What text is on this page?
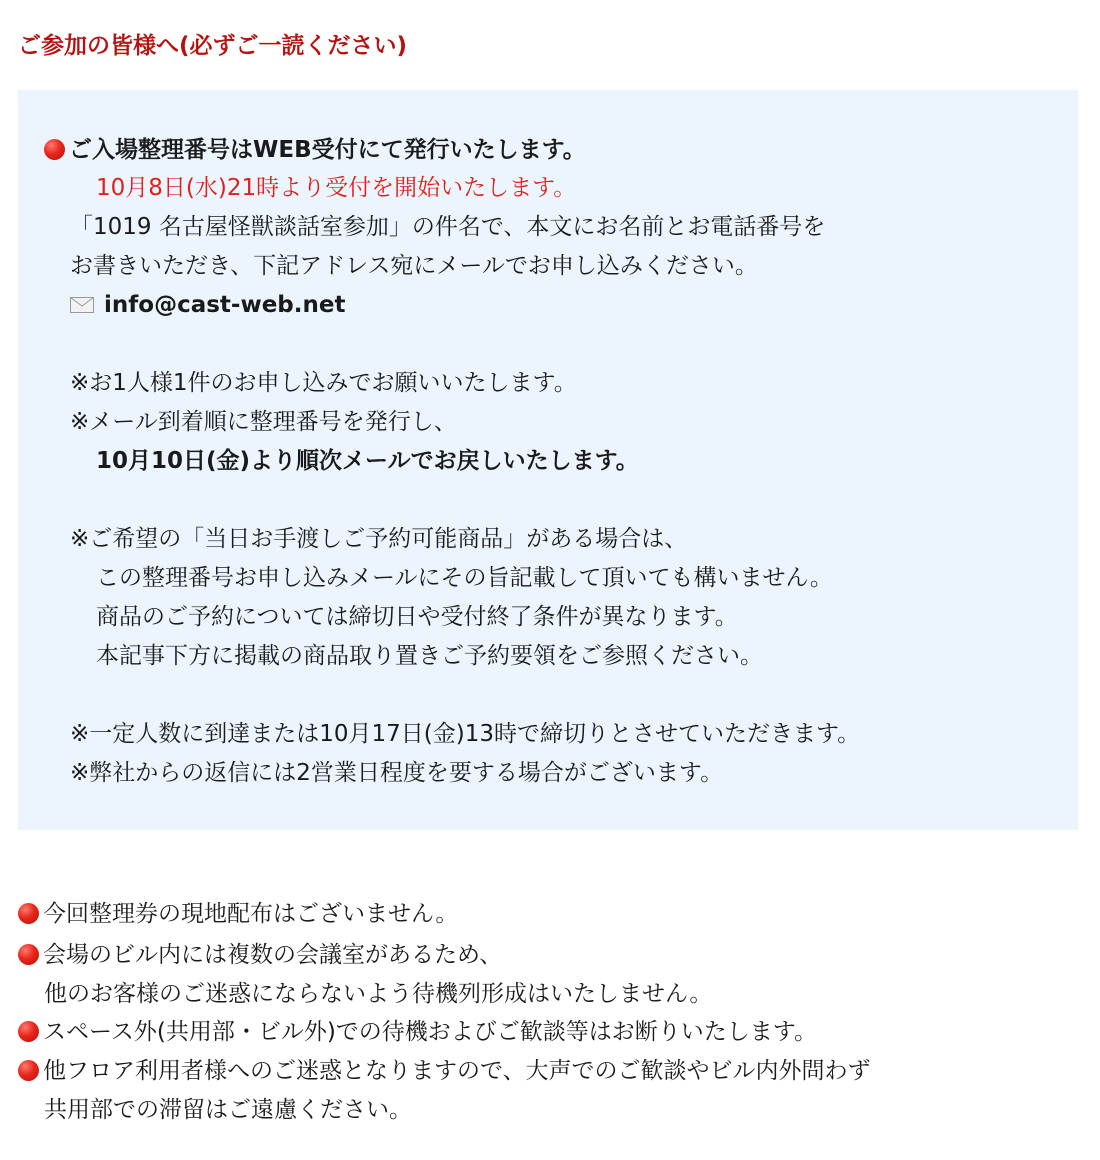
ご参加の皆様へ(必ずご一読ください)
ご入場整理番号はWEB受付にて発行いたします。
10月8日(水)21時より受付を開始いたします。
「1019 名古屋怪獣談話室参加」の件名で、本文にお名前とお電話番号を
お書きいただき、下記アドレス宛にメールでお申し込みください。
info@cast-web.net
※お1人様1件のお申し込みでお願いいたします。
※メール到着順に整理番号を発行し、
10月10日(金)より順次メールでお戻しいたします。
※ご希望の「当日お手渡しご予約可能商品」がある場合は、
この整理番号お申し込みメールにその旨記載して頂いても構いません。
商品のご予約については締切日や受付終了条件が異なります。
本記事下方に掲載の商品取り置きご予約要領をご参照ください。
※一定人数に到達または10月17日(金)13時で締切りとさせていただきます。
※弊社からの返信には2営業日程度を要する場合がございます。
今回整理券の現地配布はございません。
会場のビル内には複数の会議室があるため、
他のお客様のご迷惑にならないよう待機列形成はいたしません。
スペース外(共用部・ビル外)での待機およびご歓談等はお断りいたします。
他フロア利用者様へのご迷惑となりますので、大声でのご歓談やビル内外問わず
共用部での滞留はご遠慮ください。
